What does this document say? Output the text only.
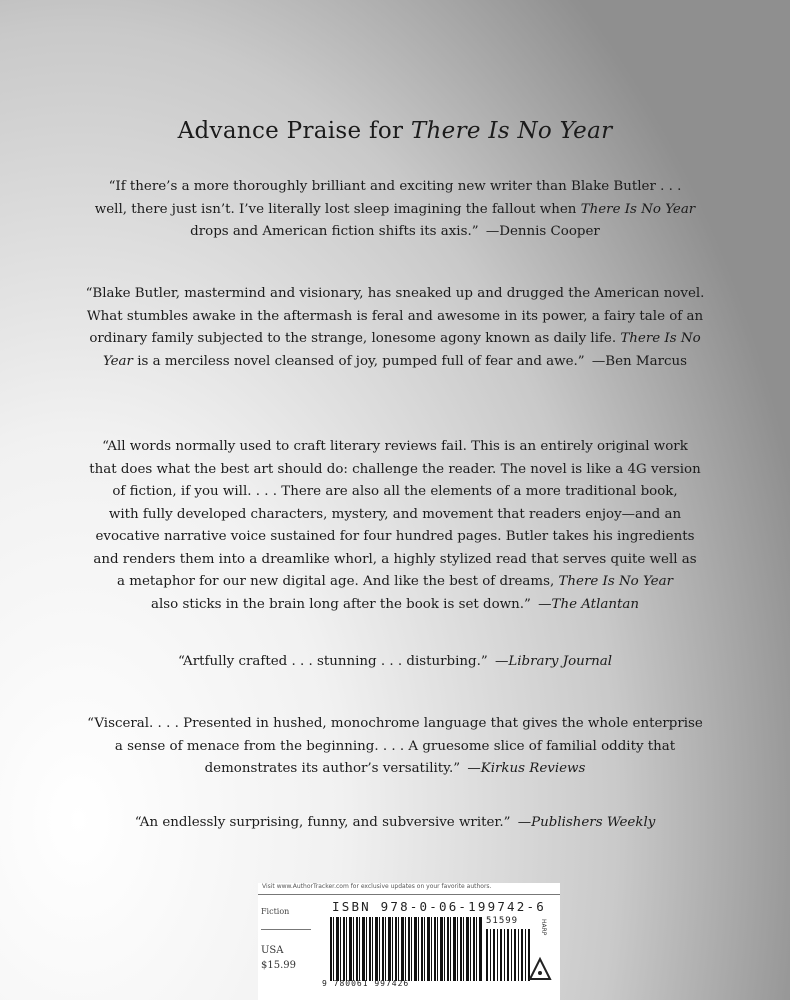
Advance Praise for There Is No Year
“If there’s a more thoroughly brilliant and exciting new writer than Blake Butler . . .
well, there just isn’t. I’ve literally lost sleep imagining the fallout when There Is No Year
drops and American fiction shifts its axis.” — Dennis Cooper
“Blake Butler, mastermind and visionary, has sneaked up and drugged the American novel.
What stumbles awake in the aftermash is feral and awesome in its power, a fairy tale of an
ordinary family subjected to the strange, lonesome agony known as daily life. There Is No
Year is a merciless novel cleansed of joy, pumped full of fear and awe.” — Ben Marcus
“All words normally used to craft literary reviews fail. This is an entirely original work
that does what the best art should do: challenge the reader. The novel is like a 4G version
of fiction, if you will. . . . There are also all the elements of a more traditional book,
with fully developed characters, mystery, and movement that readers enjoy—and an
evocative narrative voice sustained for four hundred pages. Butler takes his ingredients
and renders them into a dreamlike whorl, a highly stylized read that serves quite well as
a metaphor for our new digital age. And like the best of dreams, There Is No Year
also sticks in the brain long after the book is set down.” — The Atlantan
“Artfully crafted . . . stunning . . . disturbing.” — Library Journal
“Visceral. . . . Presented in hushed, monochrome language that gives the whole enterprise
a sense of menace from the beginning. . . . A gruesome slice of familial oddity that
demonstrates its author’s versatility.” — Kirkus Reviews
“An endlessly surprising, funny, and subversive writer.” — Publishers Weekly
Visit www.AuthorTracker.com for exclusive updates on your favorite authors.
Fiction
USA
$15.99
ISBN 978-0-06-199742-6
9 780061 997426
51599	HARP
